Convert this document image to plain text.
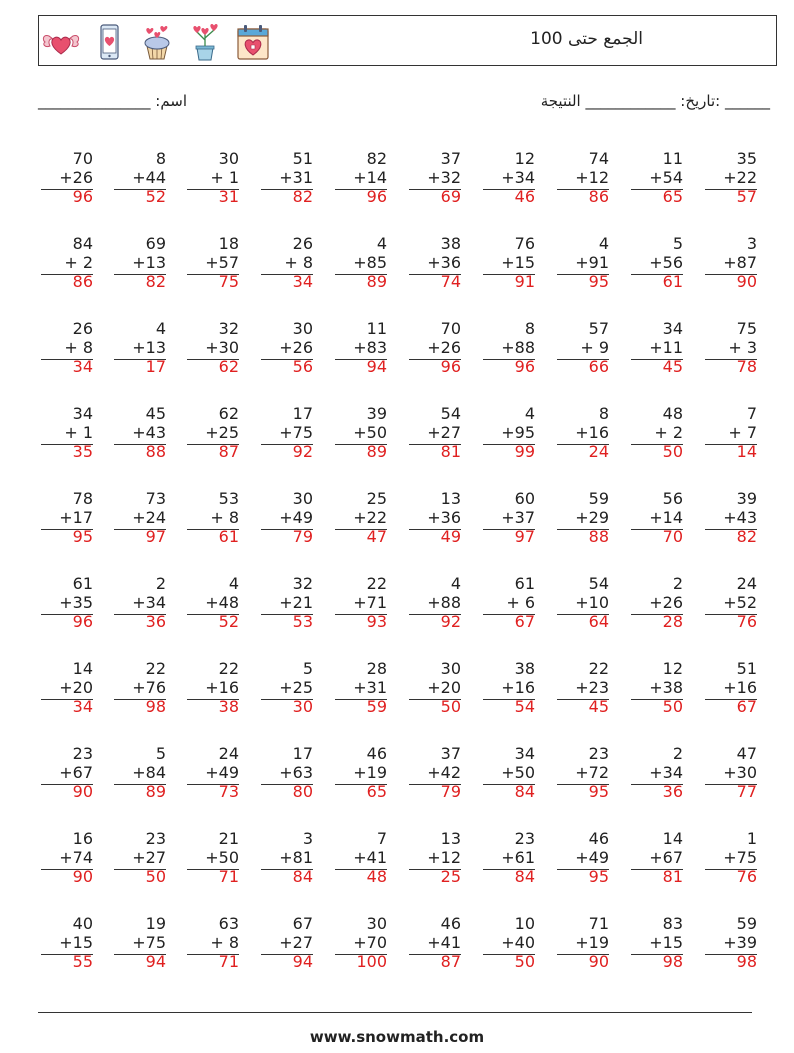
الجمع حتى 100
______ :تاريخ: ____________ النتيجة
اسم: _______________
70
+26
96
8
+44
52
30
+ 1
31
51
+31
82
82
+14
96
37
+32
69
12
+34
46
74
+12
86
11
+54
65
35
+22
57
84
+ 2
86
69
+13
82
18
+57
75
26
+ 8
34
4
+85
89
38
+36
74
76
+15
91
4
+91
95
5
+56
61
3
+87
90
26
+ 8
34
4
+13
17
32
+30
62
30
+26
56
11
+83
94
70
+26
96
8
+88
96
57
+ 9
66
34
+11
45
75
+ 3
78
34
+ 1
35
45
+43
88
62
+25
87
17
+75
92
39
+50
89
54
+27
81
4
+95
99
8
+16
24
48
+ 2
50
7
+ 7
14
78
+17
95
73
+24
97
53
+ 8
61
30
+49
79
25
+22
47
13
+36
49
60
+37
97
59
+29
88
56
+14
70
39
+43
82
61
+35
96
2
+34
36
4
+48
52
32
+21
53
22
+71
93
4
+88
92
61
+ 6
67
54
+10
64
2
+26
28
24
+52
76
14
+20
34
22
+76
98
22
+16
38
5
+25
30
28
+31
59
30
+20
50
38
+16
54
22
+23
45
12
+38
50
51
+16
67
23
+67
90
5
+84
89
24
+49
73
17
+63
80
46
+19
65
37
+42
79
34
+50
84
23
+72
95
2
+34
36
47
+30
77
16
+74
90
23
+27
50
21
+50
71
3
+81
84
7
+41
48
13
+12
25
23
+61
84
46
+49
95
14
+67
81
1
+75
76
40
+15
55
19
+75
94
63
+ 8
71
67
+27
94
30
+70
100
46
+41
87
10
+40
50
71
+19
90
83
+15
98
59
+39
98
www.snowmath.com
